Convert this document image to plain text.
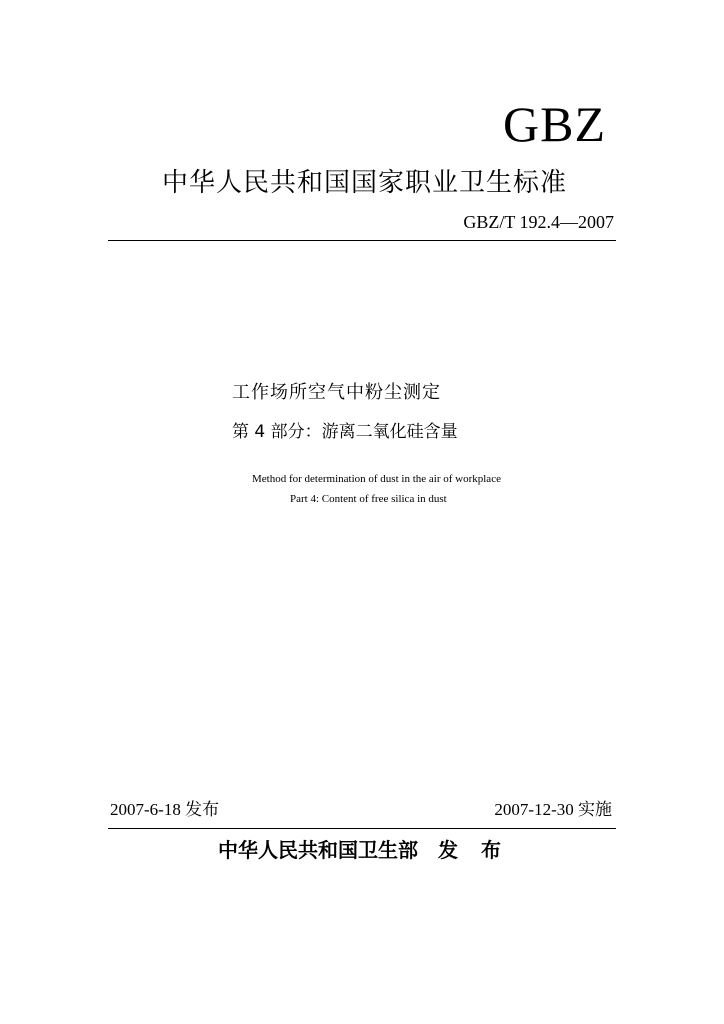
GBZ
中华人民共和国国家职业卫生标准
GBZ/T 192.4—2007
工作场所空气中粉尘测定
第 4 部分：游离二氧化硅含量
Method for determination of dust in the air of workplace
Part 4: Content of free silica in dust
2007-6-18 发布	2007-12-30 实施
中华人民共和国卫生部 发 布
